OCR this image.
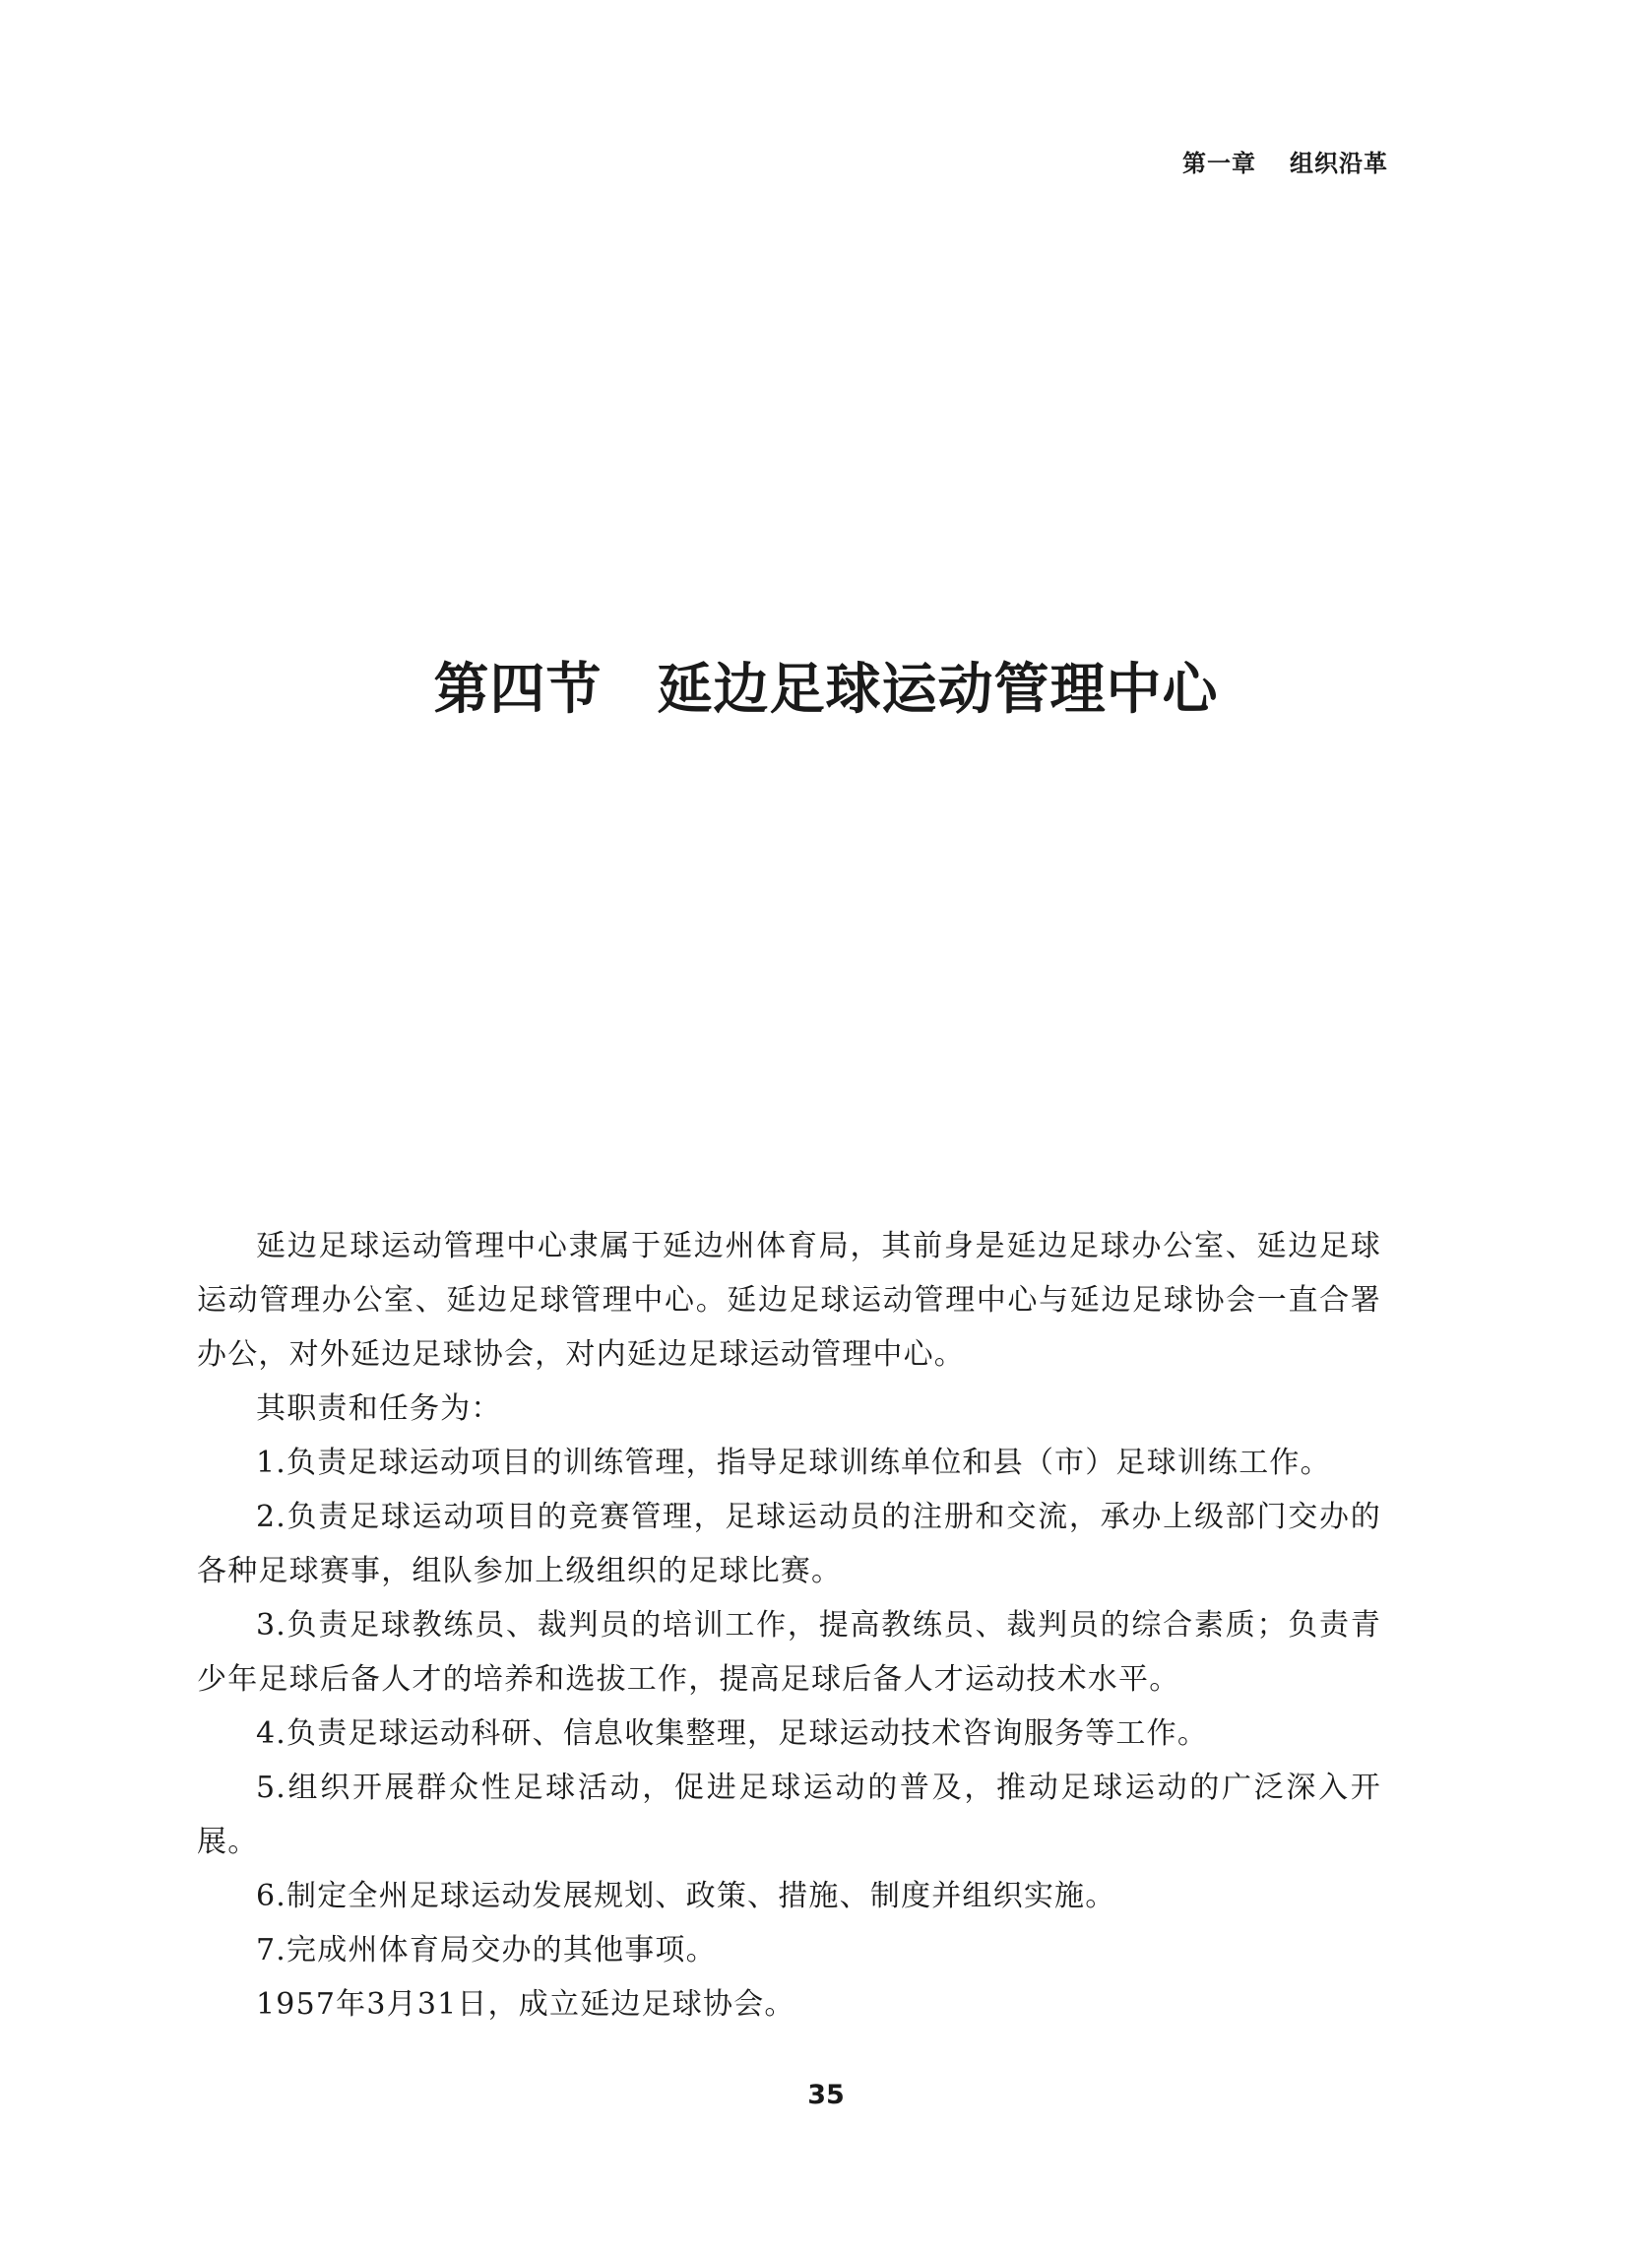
第一章 组织沿革
第四节 延边足球运动管理中心

延边足球运动管理中心隶属于延边州体育局，其前身是延边足球办公室、延边足球运动管理办公室、延边足球管理中心。延边足球运动管理中心与延边足球协会一直合署办公，对外延边足球协会，对内延边足球运动管理中心。

其职责和任务为：

1.负责足球运动项目的训练管理，指导足球训练单位和县（市）足球训练工作。

2.负责足球运动项目的竞赛管理，足球运动员的注册和交流，承办上级部门交办的各种足球赛事，组队参加上级组织的足球比赛。

3.负责足球教练员、裁判员的培训工作，提高教练员、裁判员的综合素质；负责青少年足球后备人才的培养和选拔工作，提高足球后备人才运动技术水平。

4.负责足球运动科研、信息收集整理，足球运动技术咨询服务等工作。

5.组织开展群众性足球活动，促进足球运动的普及，推动足球运动的广泛深入开展。

6.制定全州足球运动发展规划、政策、措施、制度并组织实施。

7.完成州体育局交办的其他事项。

1957年3月31日，成立延边足球协会。

35
